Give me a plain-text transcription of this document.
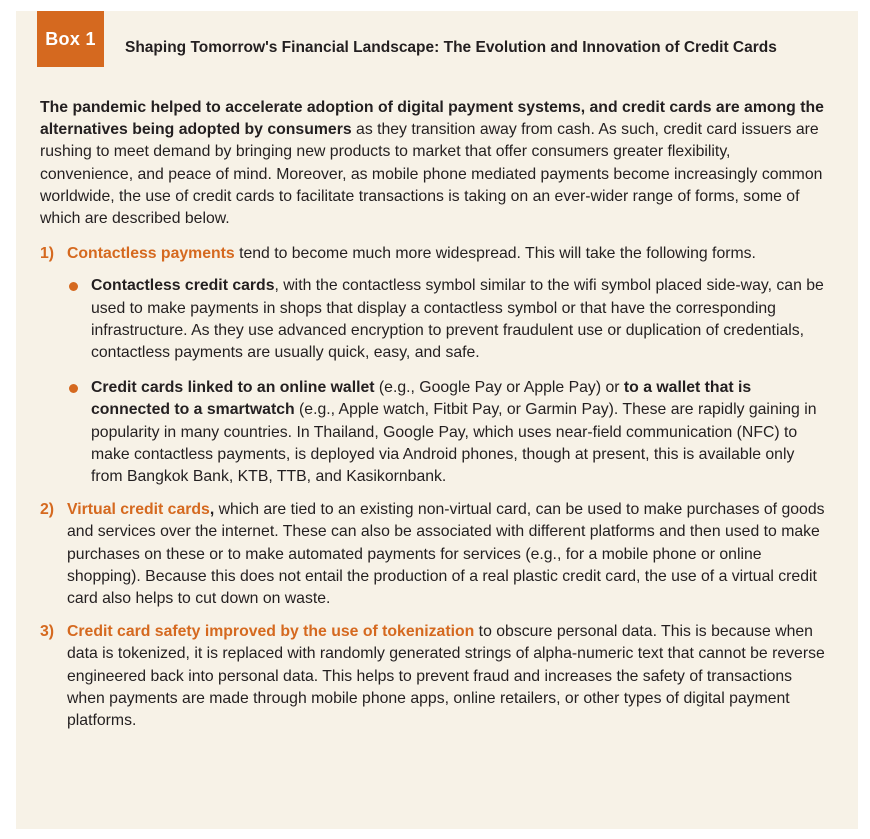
Box 1 Shaping Tomorrow's Financial Landscape: The Evolution and Innovation of Credit Cards

The pandemic helped to accelerate adoption of digital payment systems, and credit cards are among the alternatives being adopted by consumers as they transition away from cash. As such, credit card issuers are rushing to meet demand by bringing new products to market that offer consumers greater flexibility, convenience, and peace of mind. Moreover, as mobile phone mediated payments become increasingly common worldwide, the use of credit cards to facilitate transactions is taking on an ever-wider range of forms, some of which are described below.

1) Contactless payments tend to become much more widespread. This will take the following forms.
Contactless credit cards, with the contactless symbol similar to the wifi symbol placed side-way, can be used to make payments in shops that display a contactless symbol or that have the corresponding infrastructure. As they use advanced encryption to prevent fraudulent use or duplication of credentials, contactless payments are usually quick, easy, and safe.
Credit cards linked to an online wallet (e.g., Google Pay or Apple Pay) or to a wallet that is connected to a smartwatch (e.g., Apple watch, Fitbit Pay, or Garmin Pay). These are rapidly gaining in popularity in many countries. In Thailand, Google Pay, which uses near-field communication (NFC) to make contactless payments, is deployed via Android phones, though at present, this is available only from Bangkok Bank, KTB, TTB, and Kasikornbank.
2) Virtual credit cards, which are tied to an existing non-virtual card, can be used to make purchases of goods and services over the internet. These can also be associated with different platforms and then used to make purchases on these or to make automated payments for services (e.g., for a mobile phone or online shopping). Because this does not entail the production of a real plastic credit card, the use of a virtual credit card also helps to cut down on waste.
3) Credit card safety improved by the use of tokenization to obscure personal data. This is because when data is tokenized, it is replaced with randomly generated strings of alpha-numeric text that cannot be reverse engineered back into personal data. This helps to prevent fraud and increases the safety of transactions when payments are made through mobile phone apps, online retailers, or other types of digital payment platforms.
